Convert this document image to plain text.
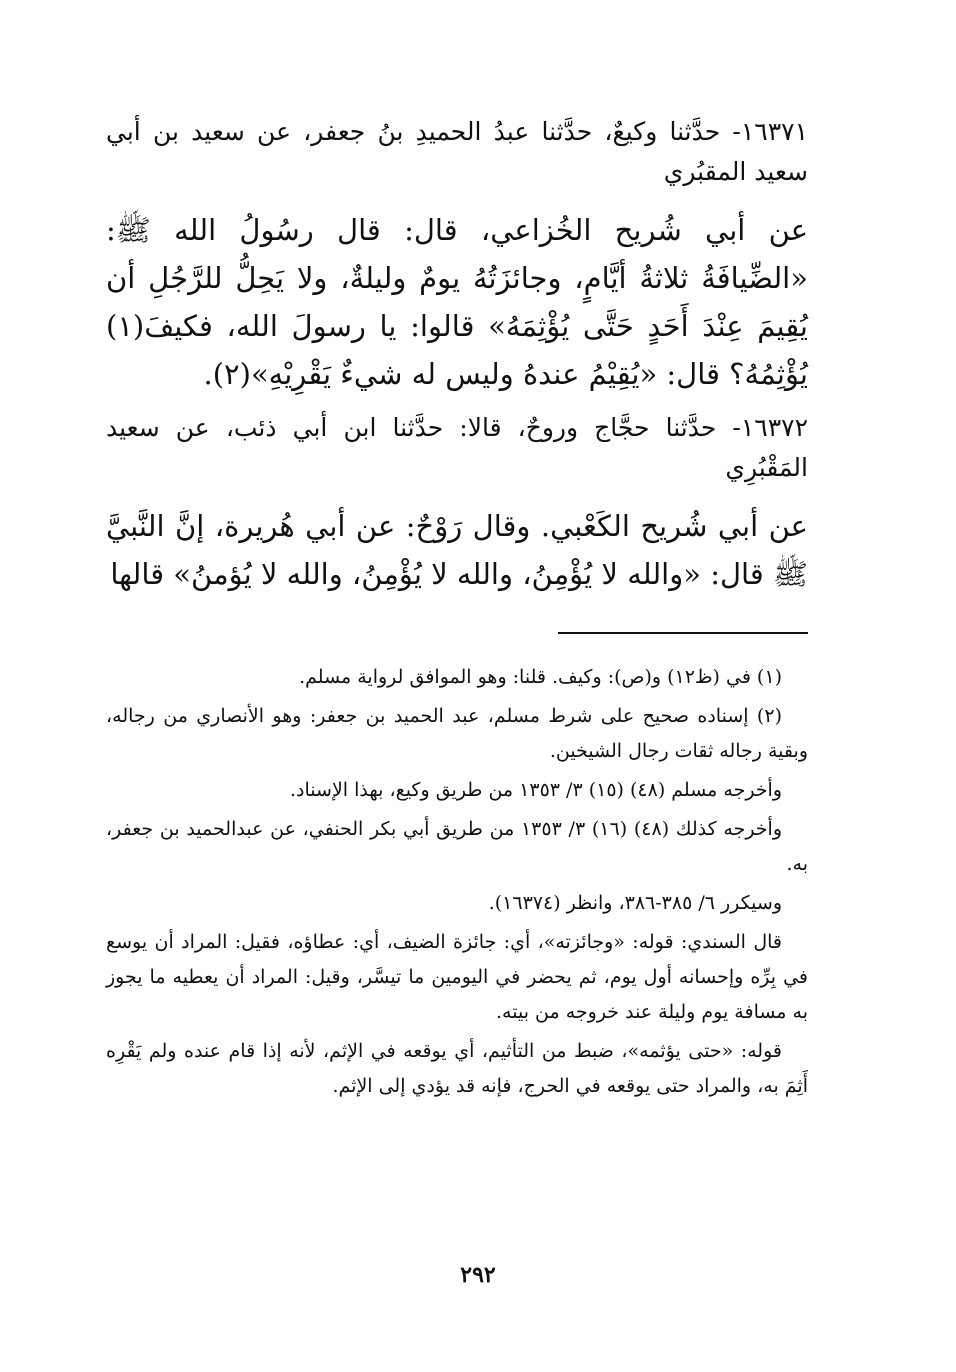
١٦٣٧١- حدَّثنا وكيعٌ، حدَّثنا عبدُ الحميدِ بنُ جعفر، عن سعيد بن أبي سعيد المقبُري

عن أبي شُريح الخُزاعي، قال: قال رسُولُ الله ﷺ: «الضِّيافَةُ ثلاثةُ أيَّامٍ، وجائزَتُهُ يومٌ وليلةٌ، ولا يَحِلُّ للرَّجُلِ أن يُقِيمَ عِنْدَ أَحَدٍ حَتَّى يُؤْثِمَهُ» قالوا: يا رسولَ الله، فكيفَ(١) يُؤْثِمُهُ؟ قال: «يُقِيْمُ عندهُ وليس له شيءٌ يَقْرِيْهِ»(٢).

١٦٣٧٢- حدَّثنا حجَّاج وروحٌ، قالا: حدَّثنا ابن أبي ذئب، عن سعيد المَقْبُرِي

عن أبي شُريح الكَعْبي. وقال رَوْحٌ: عن أبي هُريرة، إنَّ النَّبيَّ ﷺ قال: «والله لا يُؤْمِنُ، والله لا يُؤْمِنُ، والله لا يُؤمنُ» قالها

(١) في (ظ١٢) و(ص): وكيف. قلنا: وهو الموافق لرواية مسلم.

(٢) إسناده صحيح على شرط مسلم، عبد الحميد بن جعفر: وهو الأنصاري من رجاله، وبقية رجاله ثقات رجال الشيخين.

وأخرجه مسلم (٤٨) (١٥) ٣/ ١٣٥٣ من طريق وكيع، بهذا الإسناد.

وأخرجه كذلك (٤٨) (١٦) ٣/ ١٣٥٣ من طريق أبي بكر الحنفي، عن عبدالحميد بن جعفر، به.

وسيكرر ٦/ ٣٨٥-٣٨٦، وانظر (١٦٣٧٤).

قال السندي: قوله: «وجائزته»، أي: جائزة الضيف، أي: عطاؤه، فقيل: المراد أن يوسع في بِرِّه وإحسانه أول يوم، ثم يحضر في اليومين ما تيسَّر، وقيل: المراد أن يعطيه ما يجوز به مسافة يوم وليلة عند خروجه من بيته.

قوله: «حتى يؤثمه»، ضبط من التأثيم، أي يوقعه في الإثم، لأنه إذا قام عنده ولم يَقْرِه أَثِمَ به، والمراد حتى يوقعه في الحرج، فإنه قد يؤدي إلى الإثم.

٢٩٢
